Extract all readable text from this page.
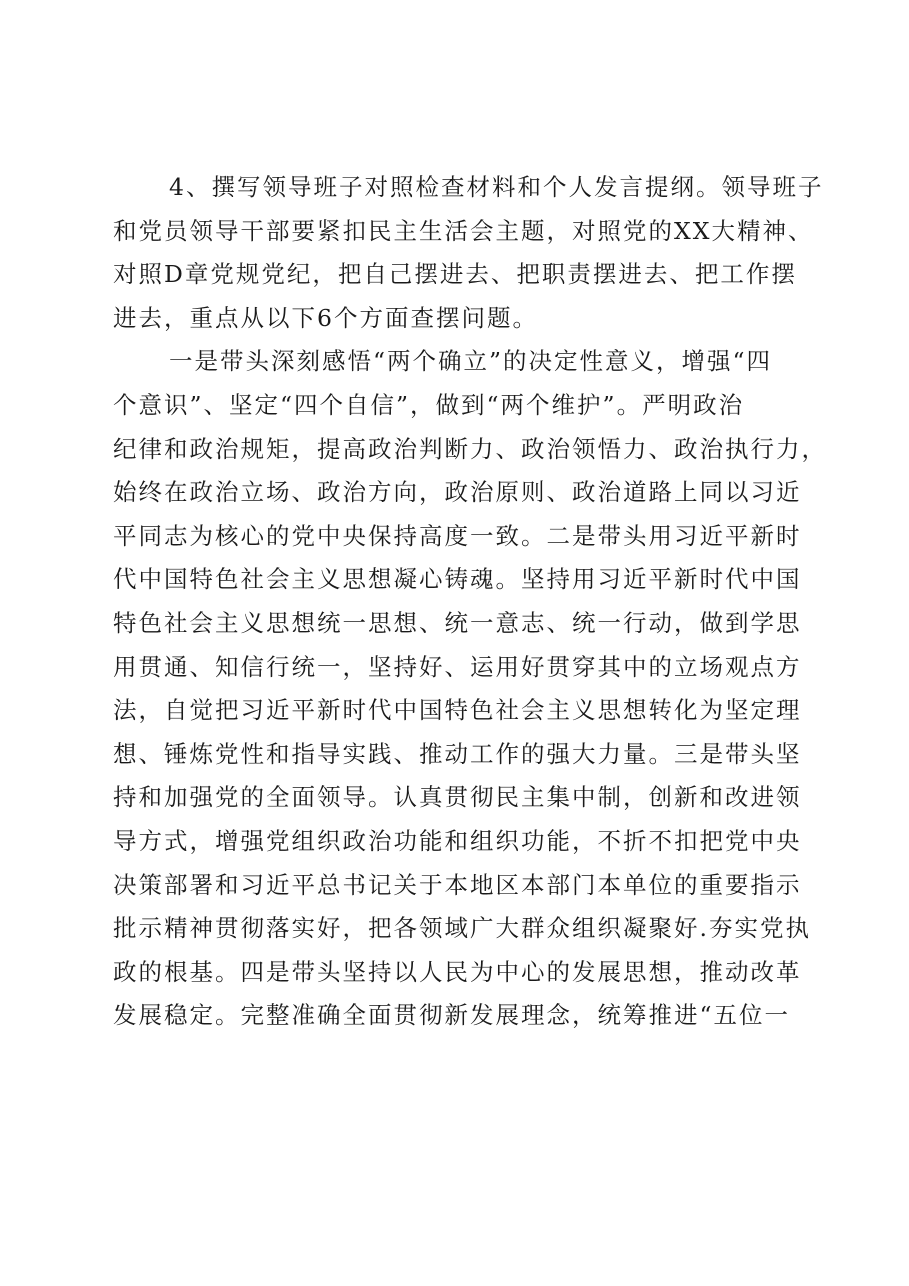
4、撰写领导班子对照检查材料和个人发言提纲。领导班子
和党员领导干部要紧扣民主生活会主题，对照党的XX大精神、
对照D章党规党纪，把自己摆进去、把职责摆进去、把工作摆
进去，重点从以下6个方面查摆问题。
一是带头深刻感悟“两个确立”的决定性意义，增强“四
个意识”、坚定“四个自信”，做到“两个维护”。严明政治
纪律和政治规矩，提高政治判断力、政治领悟力、政治执行力，
始终在政治立场、政治方向，政治原则、政治道路上同以习近
平同志为核心的党中央保持高度一致。二是带头用习近平新时
代中国特色社会主义思想凝心铸魂。坚持用习近平新时代中国
特色社会主义思想统一思想、统一意志、统一行动，做到学思
用贯通、知信行统一，坚持好、运用好贯穿其中的立场观点方
法，自觉把习近平新时代中国特色社会主义思想转化为坚定理
想、锤炼党性和指导实践、推动工作的强大力量。三是带头坚
持和加强党的全面领导。认真贯彻民主集中制，创新和改进领
导方式，增强党组织政治功能和组织功能，不折不扣把党中央
决策部署和习近平总书记关于本地区本部门本单位的重要指示
批示精神贯彻落实好，把各领域广大群众组织凝聚好.夯实党执
政的根基。四是带头坚持以人民为中心的发展思想，推动改革
发展稳定。完整准确全面贯彻新发展理念，统筹推进“五位一
